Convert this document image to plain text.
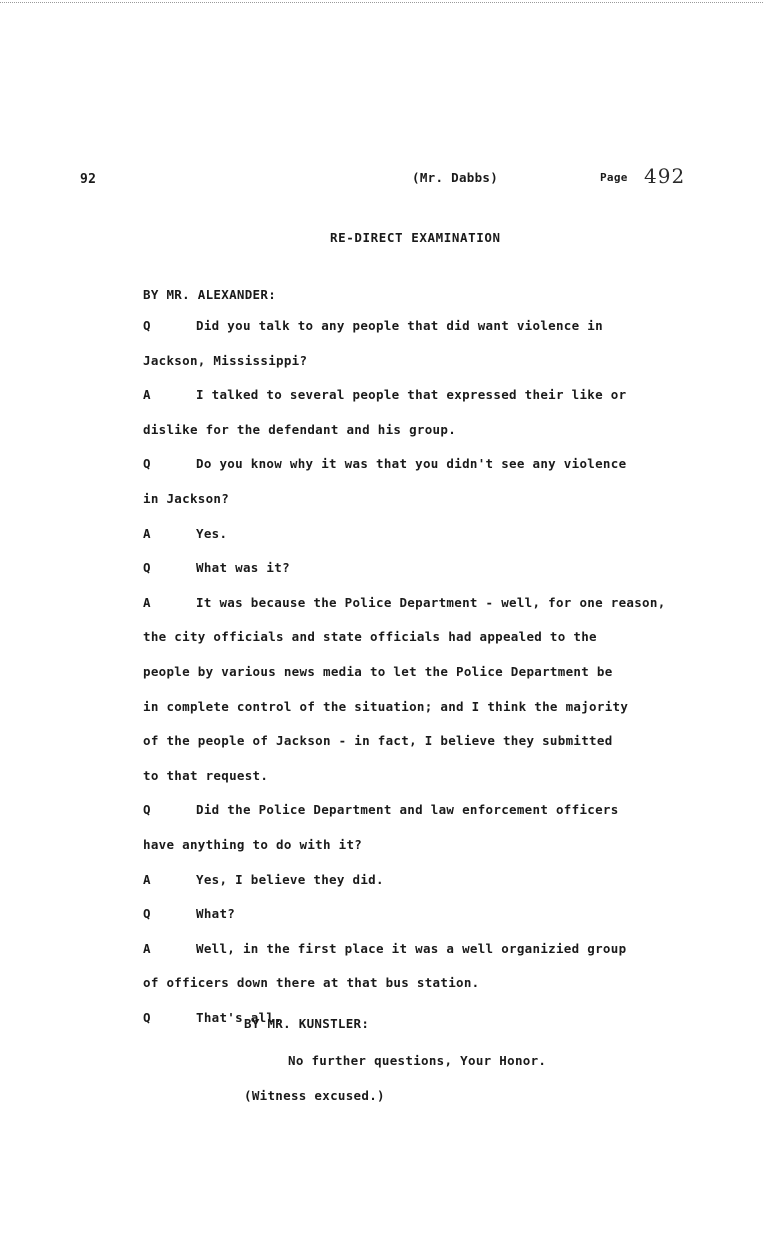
92	(Mr. Dabbs)	Page 492
RE-DIRECT EXAMINATION
BY MR. ALEXANDER:
Q	Did you talk to any people that did want violence in
Jackson, Mississippi?
A	I talked to several people that expressed their like or
dislike for the defendant and his group.
Q	Do you know why it was that you didn't see any violence
in Jackson?
A	Yes.
Q	What was it?
A	It was because the Police Department - well, for one reason,
the city officials and state officials had appealed to the
people by various news media to let the Police Department be
in complete control of the situation; and I think the majority
of the people of Jackson - in fact, I believe they submitted
to that request.
Q	Did the Police Department and law enforcement officers
have anything to do with it?
A	Yes, I believe they did.
Q	What?
A	Well, in the first place it was a well organizied group
of officers down there at that bus station.
Q	That's all.
BY MR. KUNSTLER:
No further questions, Your Honor.
(Witness excused.)
